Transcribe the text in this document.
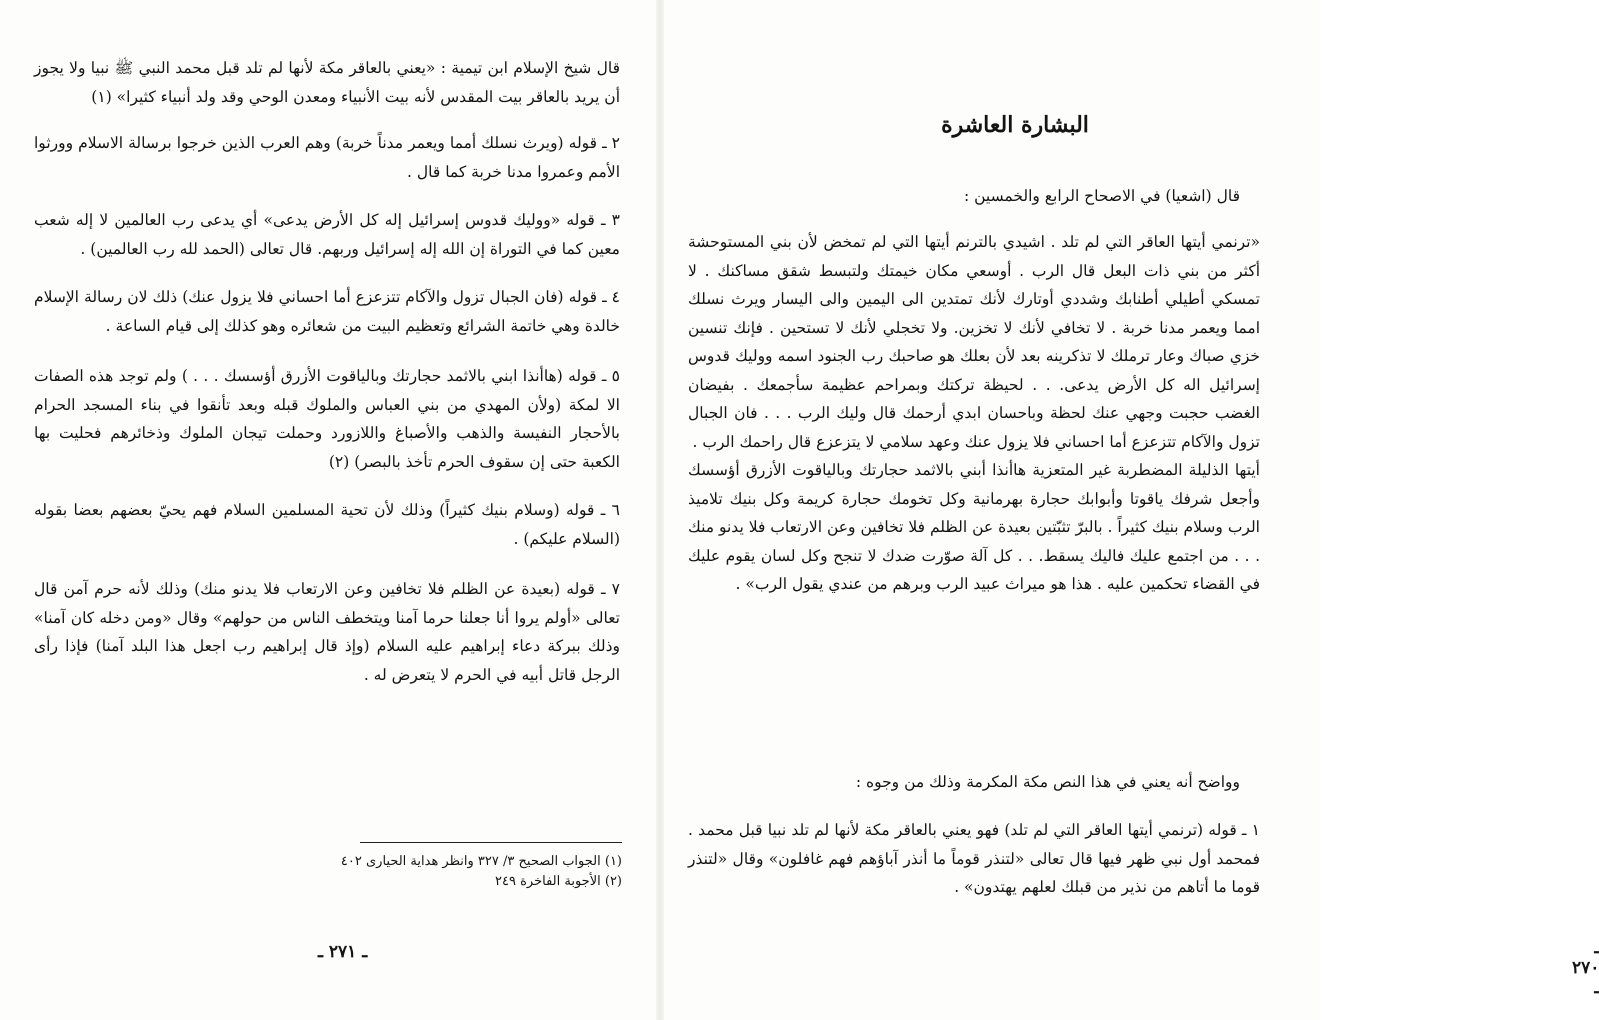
قال شيخ الإسلام ابن تيمية : «يعني بالعاقر مكة لأنها لم تلد قبل محمد النبي ﷺ نبيا ولا يجوز أن يريد بالعاقر بيت المقدس لأنه بيت الأنبياء ومعدن الوحي وقد ولد أنبياء كثيرا» (١)

٢ ـ قوله (ويرث نسلك أمما ويعمر مدناً خربة) وهم العرب الذين خرجوا برسالة الاسلام وورثوا الأمم وعمروا مدنا خربة كما قال .

٣ ـ قوله «ووليك قدوس إسرائيل إله كل الأرض يدعى» أي يدعى رب العالمين لا إله شعب معين كما في التوراة إن الله إله إسرائيل وربهم. قال تعالى (الحمد لله رب العالمين) .

٤ ـ قوله (فان الجبال تزول والآكام تتزعزع أما احساني فلا يزول عنك) ذلك لان رسالة الإسلام خالدة وهي خاتمة الشرائع وتعظيم البيت من شعائره وهو كذلك إلى قيام الساعة .

٥ ـ قوله (هاأنذا ابني بالاثمد حجارتك وبالياقوت الأزرق أؤسسك . . . ) ولم توجد هذه الصفات الا لمكة (ولأن المهدي من بني العباس والملوك قبله وبعد تأنقوا في بناء المسجد الحرام بالأحجار النفيسة والذهب والأصباغ واللازورد وحملت تيجان الملوك وذخائرهم فحليت بها الكعبة حتى إن سقوف الحرم تأخذ بالبصر) (٢)

٦ ـ قوله (وسلام بنيك كثيراً) وذلك لأن تحية المسلمين السلام فهم يحيّ بعضهم بعضا بقوله (السلام عليكم) .

٧ ـ قوله (بعيدة عن الظلم فلا تخافين وعن الارتعاب فلا يدنو منك) وذلك لأنه حرم آمن قال تعالى «أولم يروا أنا جعلنا حرما آمنا ويتخطف الناس من حولهم» وقال «ومن دخله كان آمنا» وذلك ببركة دعاء إبراهيم عليه السلام (وإذ قال إبراهيم رب اجعل هذا البلد آمنا) فإذا رأى الرجل قاتل أبيه في الحرم لا يتعرض له .

(١) الجواب الصحيح ٣/ ٣٢٧ وانظر هداية الحيارى ٤٠٢

(٢) الأجوبة الفاخرة ٢٤٩

ـ ٢٧١ ـ
البشارة العاشرة
قال (اشعيا) في الاصحاح الرابع والخمسين :

«ترنمي أيتها العاقر التي لم تلد . اشيدي بالترنم أيتها التي لم تمخض لأن بني المستوحشة أكثر من بني ذات البعل قال الرب . أوسعي مكان خيمتك ولتبسط شقق مساكنك . لا تمسكي أطيلي أطنابك وشددي أوتارك لأنك تمتدين الى اليمين والى اليسار ويرث نسلك امما ويعمر مدنا خربة . لا تخافي لأنك لا تخزين. ولا تخجلي لأنك لا تستحين . فإنك تنسين خزي صباك وعار ترملك لا تذكرينه بعد لأن بعلك هو صاحبك رب الجنود اسمه ووليك قدوس إسرائيل اله كل الأرض يدعى. . . لحيظة تركتك وبمراحم عظيمة سأجمعك . بفيضان الغضب حجبت وجهي عنك لحظة وباحسان ابدي أرحمك قال وليك الرب . . . فان الجبال تزول والآكام تتزعزع أما احساني فلا يزول عنك وعهد سلامي لا يتزعزع قال راحمك الرب .

أيتها الذليلة المضطربة غير المتعزية هاأنذا أبني بالاثمد حجارتك وبالياقوت الأزرق أؤسسك وأجعل شرفك ياقوتا وأبوابك حجارة بهرمانية وكل تخومك حجارة كريمة وكل بنيك تلاميذ الرب وسلام بنيك كثيراً . بالبرّ تثبّتين بعيدة عن الظلم فلا تخافين وعن الارتعاب فلا يدنو منك . . . من اجتمع عليك فاليك يسقط. . . كل آلة صوّرت ضدك لا تنجح وكل لسان يقوم عليك في القضاء تحكمين عليه . هذا هو ميراث عبيد الرب وبرهم من عندي يقول الرب» .

وواضح أنه يعني في هذا النص مكة المكرمة وذلك من وجوه :

١ ـ قوله (ترنمي أيتها العاقر التي لم تلد) فهو يعني بالعاقر مكة لأنها لم تلد نبيا قبل محمد . فمحمد أول نبي ظهر فيها قال تعالى «لتنذر قوماً ما أنذر آباؤهم فهم غافلون» وقال «لتنذر قوما ما أتاهم من نذير من قبلك لعلهم يهتدون» .

ـ ٢٧٠ ـ
